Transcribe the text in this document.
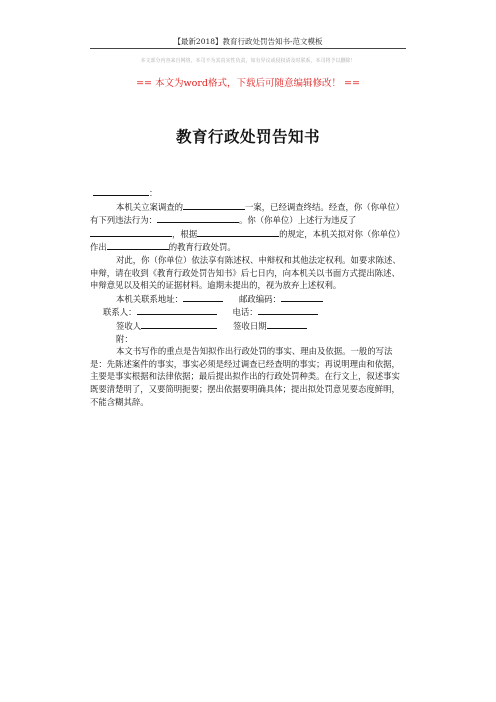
【最新2018】教育行政处罚告知书-范文模板
本文部分内容来自网络，本司不为其真实性负责，如有异议或侵权请及时联系，本司将予以删除！
== 本文为word格式，下载后可随意编辑修改！ ==
教育行政处罚告知书

：

本机关立案调查的	一案，已经调查终结。经查，你（你单位）有下列违法行为：	。你（你单位）上述行为违反了，根据	的规定，本机关拟对你（你单位）作出	的教育行政处罚。

对此，你（你单位）依法享有陈述权、申辩权和其他法定权利。如要求陈述、申辩，请在收到《教育行政处罚告知书》后七日内，向本机关以书面方式提出陈述、申辩意见以及相关的证据材料。逾期未提出的，视为放弃上述权利。

本机关联系地址：	邮政编码：
联系人：	电话：
签收人	签收日期

附：

本文书写作的重点是告知拟作出行政处罚的事实、理由及依据。一般的写法是：先陈述案件的事实，事实必须是经过调查已经查明的事实；再说明理由和依据，主要是事实根据和法律依据；最后提出拟作出的行政处罚种类。在行文上，叙述事实既要清楚明了，又要简明扼要；摆出依据要明确具体；提出拟处罚意见要态度鲜明，不能含糊其辞。
